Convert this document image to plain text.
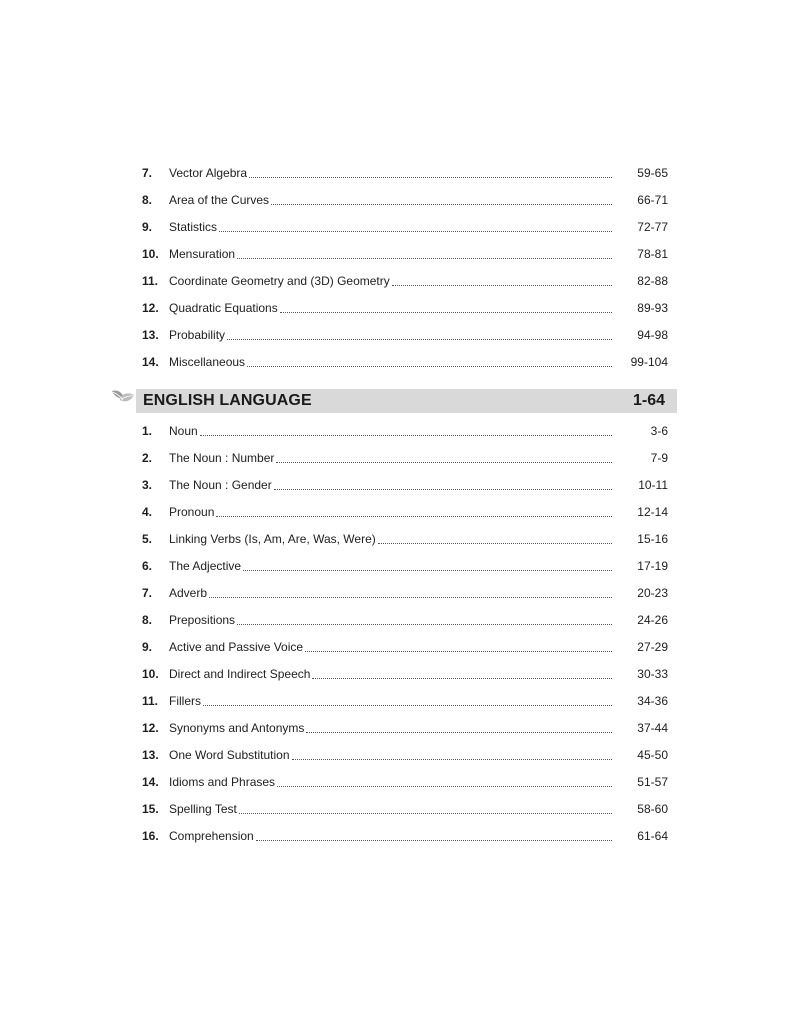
7.	Vector Algebra	59-65
8.	Area of the Curves	66-71
9.	Statistics	72-77
10. Mensuration	78-81
11. Coordinate Geometry and (3D) Geometry	82-88
12. Quadratic Equations	89-93
13. Probability	94-98
14. Miscellaneous	99-104
ENGLISH LANGUAGE	1-64
1.	Noun	3-6
2.	The Noun : Number	7-9
3.	The Noun : Gender	10-11
4.	Pronoun	12-14
5.	Linking Verbs (Is, Am, Are, Was, Were)	15-16
6.	The Adjective	17-19
7.	Adverb	20-23
8.	Prepositions	24-26
9.	Active and Passive Voice	27-29
10. Direct and Indirect Speech	30-33
11. Fillers	34-36
12. Synonyms and Antonyms	37-44
13. One Word Substitution	45-50
14. Idioms and Phrases	51-57
15. Spelling Test	58-60
16. Comprehension	61-64
